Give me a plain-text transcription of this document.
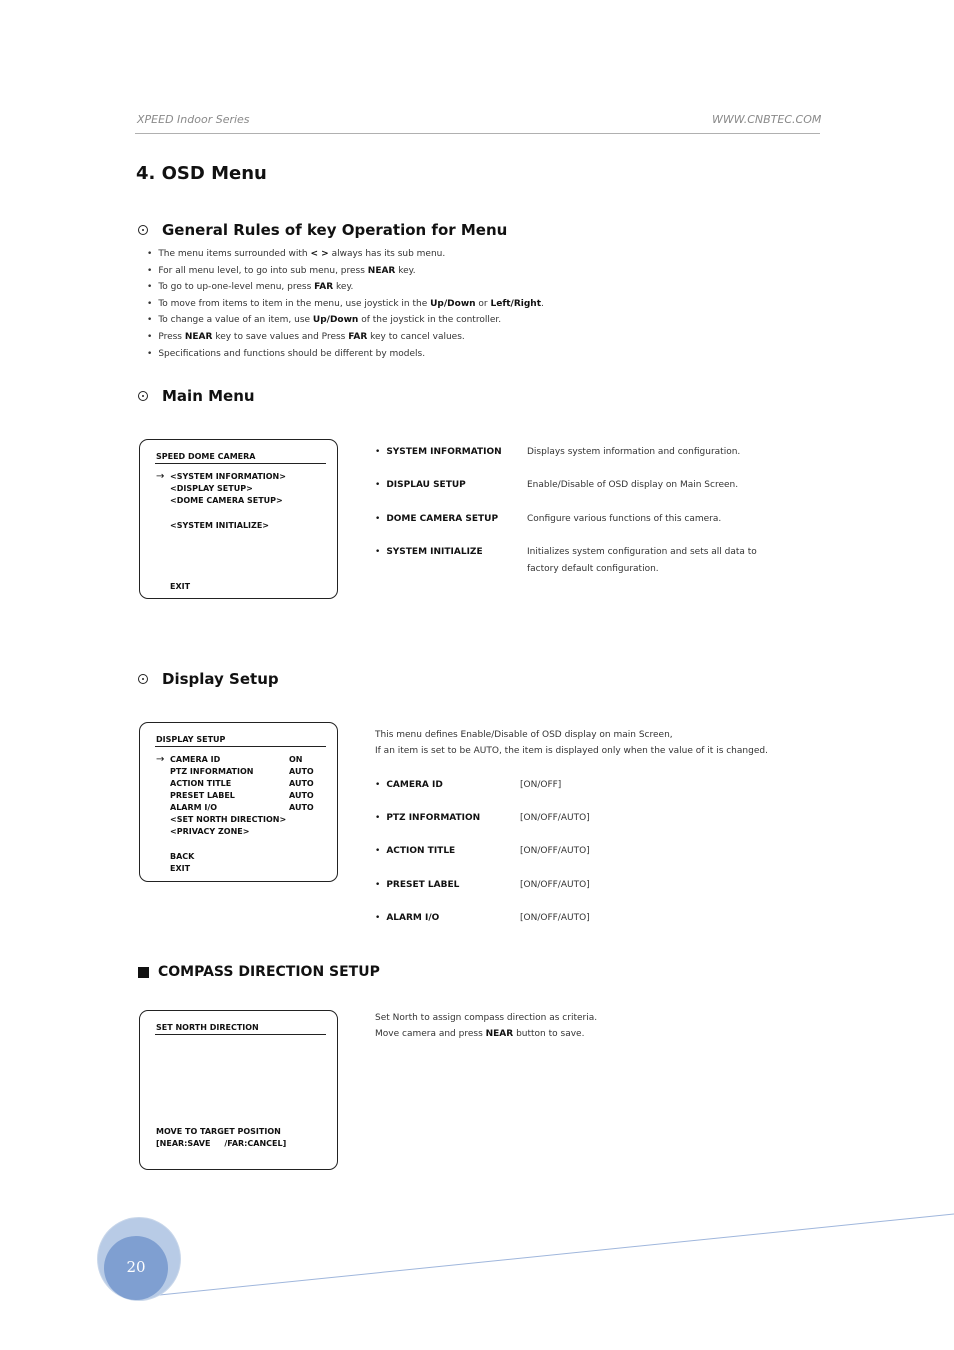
XPEED Indoor Series	WWW.CNBTEC.COM
4. OSD Menu
General Rules of key Operation for Menu
• The menu items surrounded with < > always has its sub menu.
• For all menu level, to go into sub menu, press NEAR key.
• To go to up-one-level menu, press FAR key.
• To move from items to item in the menu, use joystick in the Up/Down or Left/Right.
• To change a value of an item, use Up/Down of the joystick in the controller.
• Press NEAR key to save values and Press FAR key to cancel values.
• Specifications and functions should be different by models.
Main Menu
SPEED DOME CAMERA
→ <SYSTEM INFORMATION>
<DISPLAY SETUP>
<DOME CAMERA SETUP>
<SYSTEM INITIALIZE>
EXIT
• SYSTEM INFORMATION	Displays system information and configuration.
• DISPLAU SETUP	Enable/Disable of OSD display on Main Screen.
• DOME CAMERA SETUP	Configure various functions of this camera.
• SYSTEM INITIALIZE	Initializes system configuration and sets all data to
factory default configuration.
Display Setup
DISPLAY SETUP
→ CAMERA ID	ON
PTZ INFORMATION	AUTO
ACTION TITLE	AUTO
PRESET LABEL	AUTO
ALARM I/O	AUTO
<SET NORTH DIRECTION>
<PRIVACY ZONE>
BACK
EXIT
This menu defines Enable/Disable of OSD display on main Screen,
If an item is set to be AUTO, the item is displayed only when the value of it is changed.
• CAMERA ID	[ON/OFF]
• PTZ INFORMATION	[ON/OFF/AUTO]
• ACTION TITLE	[ON/OFF/AUTO]
• PRESET LABEL	[ON/OFF/AUTO]
• ALARM I/O	[ON/OFF/AUTO]
COMPASS DIRECTION SETUP
SET NORTH DIRECTION
MOVE TO TARGET POSITION
[NEAR:SAVE     /FAR:CANCEL]
Set North to assign compass direction as criteria.
Move camera and press NEAR button to save.
20
